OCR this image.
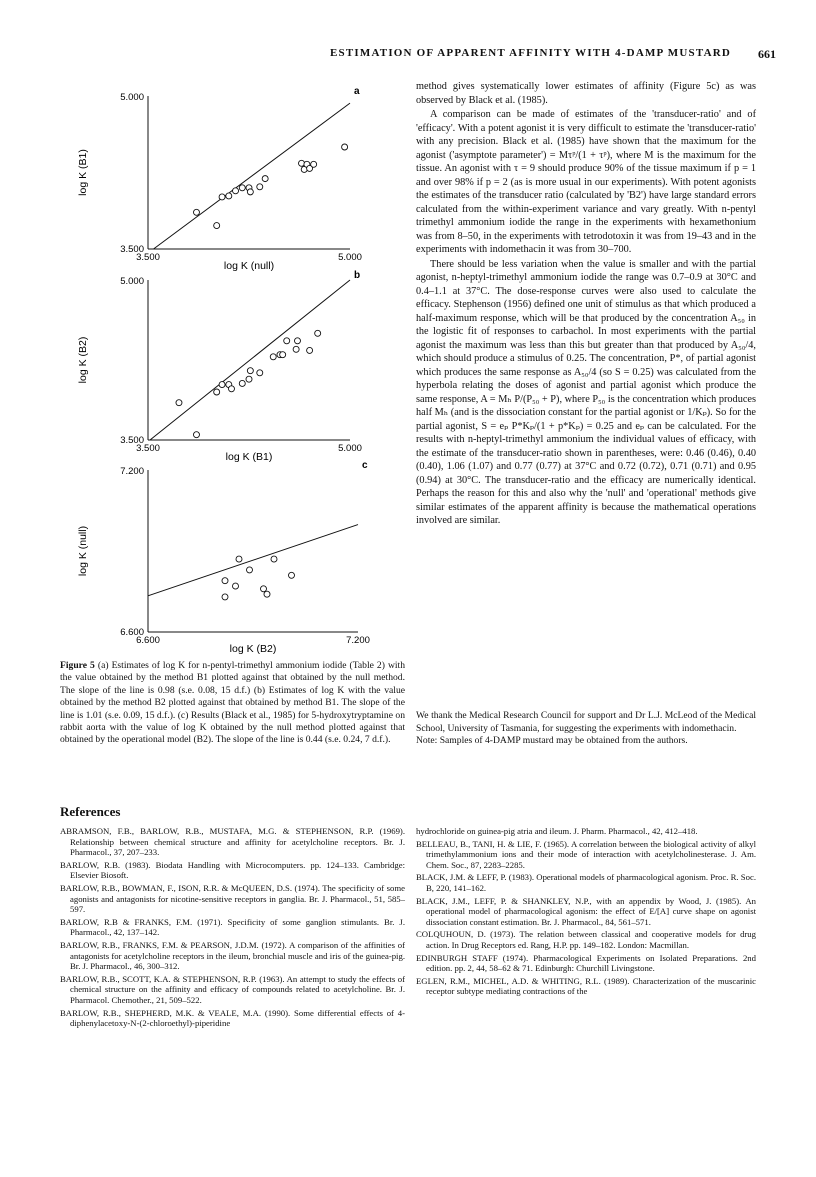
ESTIMATION OF APPARENT AFFINITY WITH 4-DAMP MUSTARD 661
a
5.000
3.500
3.500	5.000
log K (null)
log K (B1)
b
5.000
3.500
3.500	5.000
log K (B1)
log K (B2)
c
7.200
6.600
6.600	7.200
log K (B2)
log K (null)
Figure 5 (a) Estimates of log K for n-pentyl-trimethyl ammonium iodide (Table 2) with the value obtained by the method B1 plotted against that obtained by the null method. The slope of the line is 0.98 (s.e. 0.08, 15 d.f.) (b) Estimates of log K with the value obtained by the method B2 plotted against that obtained by method B1. The slope of the line is 1.01 (s.e. 0.09, 15 d.f.). (c) Results (Black et al., 1985) for 5-hydroxytryptamine on rabbit aorta with the value of log K obtained by the null method plotted against that obtained by the operational model (B2). The slope of the line is 0.44 (s.e. 0.24, 7 d.f.).

method gives systematically lower estimates of affinity (Figure 5c) as was observed by Black et al. (1985).

A comparison can be made of estimates of the 'transducer-ratio' and of 'efficacy'. With a potent agonist it is very difficult to estimate the 'transducer-ratio' with any precision. Black et al. (1985) have shown that the maximum for the agonist ('asymptote parameter') = Mτᵖ/(1 + τᵖ), where M is the maximum for the tissue. An agonist with τ = 9 should produce 90% of the tissue maximum if p = 1 and over 98% if p = 2 (as is more usual in our experiments). With potent agonists the estimates of the transducer ratio (calculated by 'B2') have large standard errors calculated from the within-experiment variance and vary greatly. With n-pentyl trimethyl ammonium iodide the range in the experiments with hexamethonium was from 8–50, in the experiments with tetrodotoxin it was from 19–43 and in the experiments with indomethacin it was from 30–700.

There should be less variation when the value is smaller and with the partial agonist, n-heptyl-trimethyl ammonium iodide the range was 0.7–0.9 at 30°C and 0.4–1.1 at 37°C. The dose-response curves were also used to calculate the efficacy. Stephenson (1956) defined one unit of stimulus as that which produced a half-maximum response, which will be that produced by the concentration A₅₀ in the logistic fit of responses to carbachol. In most experiments with the partial agonist the maximum was less than this but greater than that produced by A₅₀/4, which should produce a stimulus of 0.25. The concentration, P*, of partial agonist which produces the same response as A₅₀/4 (so S = 0.25) was calculated from the hyperbola relating the doses of agonist and partial agonist which produce the same response, A = Mₕ P/(P₅₀ + P), where P₅₀ is the concentration which produces half Mₕ (and is the dissociation constant for the partial agonist or 1/Kₚ). So for the partial agonist, S = eₚ P*Kₚ/(1 + p*Kₚ) = 0.25 and eₚ can be calculated. For the results with n-heptyl-trimethyl ammonium the individual values of efficacy, with the estimate of the transducer-ratio shown in parentheses, were: 0.46 (0.46), 0.40 (0.40), 1.06 (1.07) and 0.77 (0.77) at 37°C and 0.72 (0.72), 0.71 (0.71) and 0.95 (0.94) at 30°C. The transducer-ratio and the efficacy are numerically identical. Perhaps the reason for this and also why the 'null' and 'operational' methods give similar estimates of the apparent affinity is because the mathematical operations involved are similar.

We thank the Medical Research Council for support and Dr L.J. McLeod of the Medical School, University of Tasmania, for suggesting the experiments with indomethacin.
Note: Samples of 4-DAMP mustard may be obtained from the authors.
References
ABRAMSON, F.B., BARLOW, R.B., MUSTAFA, M.G. & STEPHENSON, R.P. (1969). Relationship between chemical structure and affinity for acetylcholine receptors. Br. J. Pharmacol., 37, 207–233.
BARLOW, R.B. (1983). Biodata Handling with Microcomputers. pp. 124–133. Cambridge: Elsevier Biosoft.
BARLOW, R.B., BOWMAN, F., ISON, R.R. & McQUEEN, D.S. (1974). The specificity of some agonists and antagonists for nicotine-sensitive receptors in ganglia. Br. J. Pharmacol., 51, 585–597.
BARLOW, R.B & FRANKS, F.M. (1971). Specificity of some ganglion stimulants. Br. J. Pharmacol., 42, 137–142.
BARLOW, R.B., FRANKS, F.M. & PEARSON, J.D.M. (1972). A comparison of the affinities of antagonists for acetylcholine receptors in the ileum, bronchial muscle and iris of the guinea-pig. Br. J. Pharmacol., 46, 300–312.
BARLOW, R.B., SCOTT, K.A. & STEPHENSON, R.P. (1963). An attempt to study the effects of chemical structure on the affinity and efficacy of compounds related to acetylcholine. Br. J. Pharmacol. Chemother., 21, 509–522.
BARLOW, R.B., SHEPHERD, M.K. & VEALE, M.A. (1990). Some differential effects of 4-diphenylacetoxy-N-(2-chloroethyl)-piperidine
hydrochloride on guinea-pig atria and ileum. J. Pharm. Pharmacol., 42, 412–418.
BELLEAU, B., TANI, H. & LIE, F. (1965). A correlation between the biological activity of alkyl trimethylammonium ions and their mode of interaction with acetylcholinesterase. J. Am. Chem. Soc., 87, 2283–2285.
BLACK, J.M. & LEFF, P. (1983). Operational models of pharmacological agonism. Proc. R. Soc. B, 220, 141–162.
BLACK, J.M., LEFF, P. & SHANKLEY, N.P., with an appendix by Wood, J. (1985). An operational model of pharmacological agonism: the effect of E/[A] curve shape on agonist dissociation constant estimation. Br. J. Pharmacol., 84, 561–571.
COLQUHOUN, D. (1973). The relation between classical and cooperative models for drug action. In Drug Receptors ed. Rang, H.P. pp. 149–182. London: Macmillan.
EDINBURGH STAFF (1974). Pharmacological Experiments on Isolated Preparations. 2nd edition. pp. 2, 44, 58–62 & 71. Edinburgh: Churchill Livingstone.
EGLEN, R.M., MICHEL, A.D. & WHITING, R.L. (1989). Characterization of the muscarinic receptor subtype mediating contractions of the
